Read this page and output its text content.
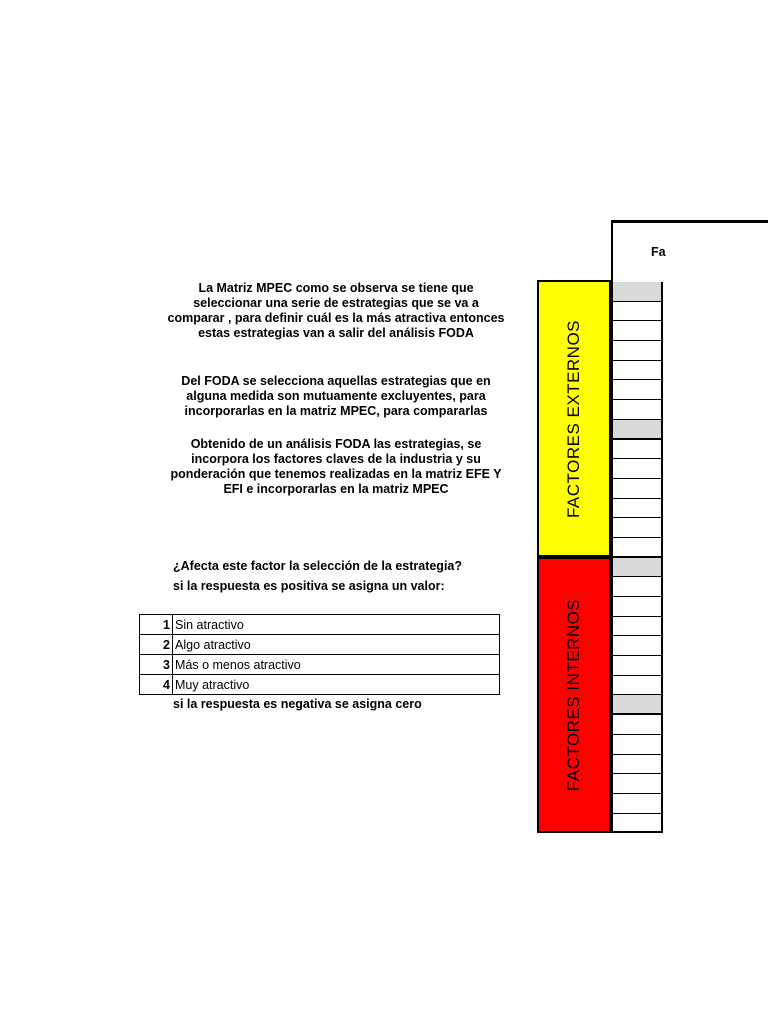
La Matriz MPEC como se observa se tiene que seleccionar una serie de estrategias que se va a comparar , para definir cuál es la más atractiva entonces estas estrategias van a salir del análisis FODA

Del FODA se selecciona aquellas estrategias que en alguna medida son mutuamente excluyentes, para incorporarlas en la matriz MPEC, para compararlas

Obtenido de un análisis FODA las estrategias, se incorpora los factores claves de la industria y su ponderación que tenemos realizadas en la matriz EFE Y EFI e incorporarlas en la matriz MPEC

¿Afecta este factor la selección de la estrategia?

si la respuesta es positiva se asigna un valor:

1	Sin atractivo
2	Algo atractivo
3	Más o menos atractivo
4	Muy atractivo

si la respuesta es negativa se asigna cero

FACTORES EXTERNOS
FACTORES INTERNOS
Fa
